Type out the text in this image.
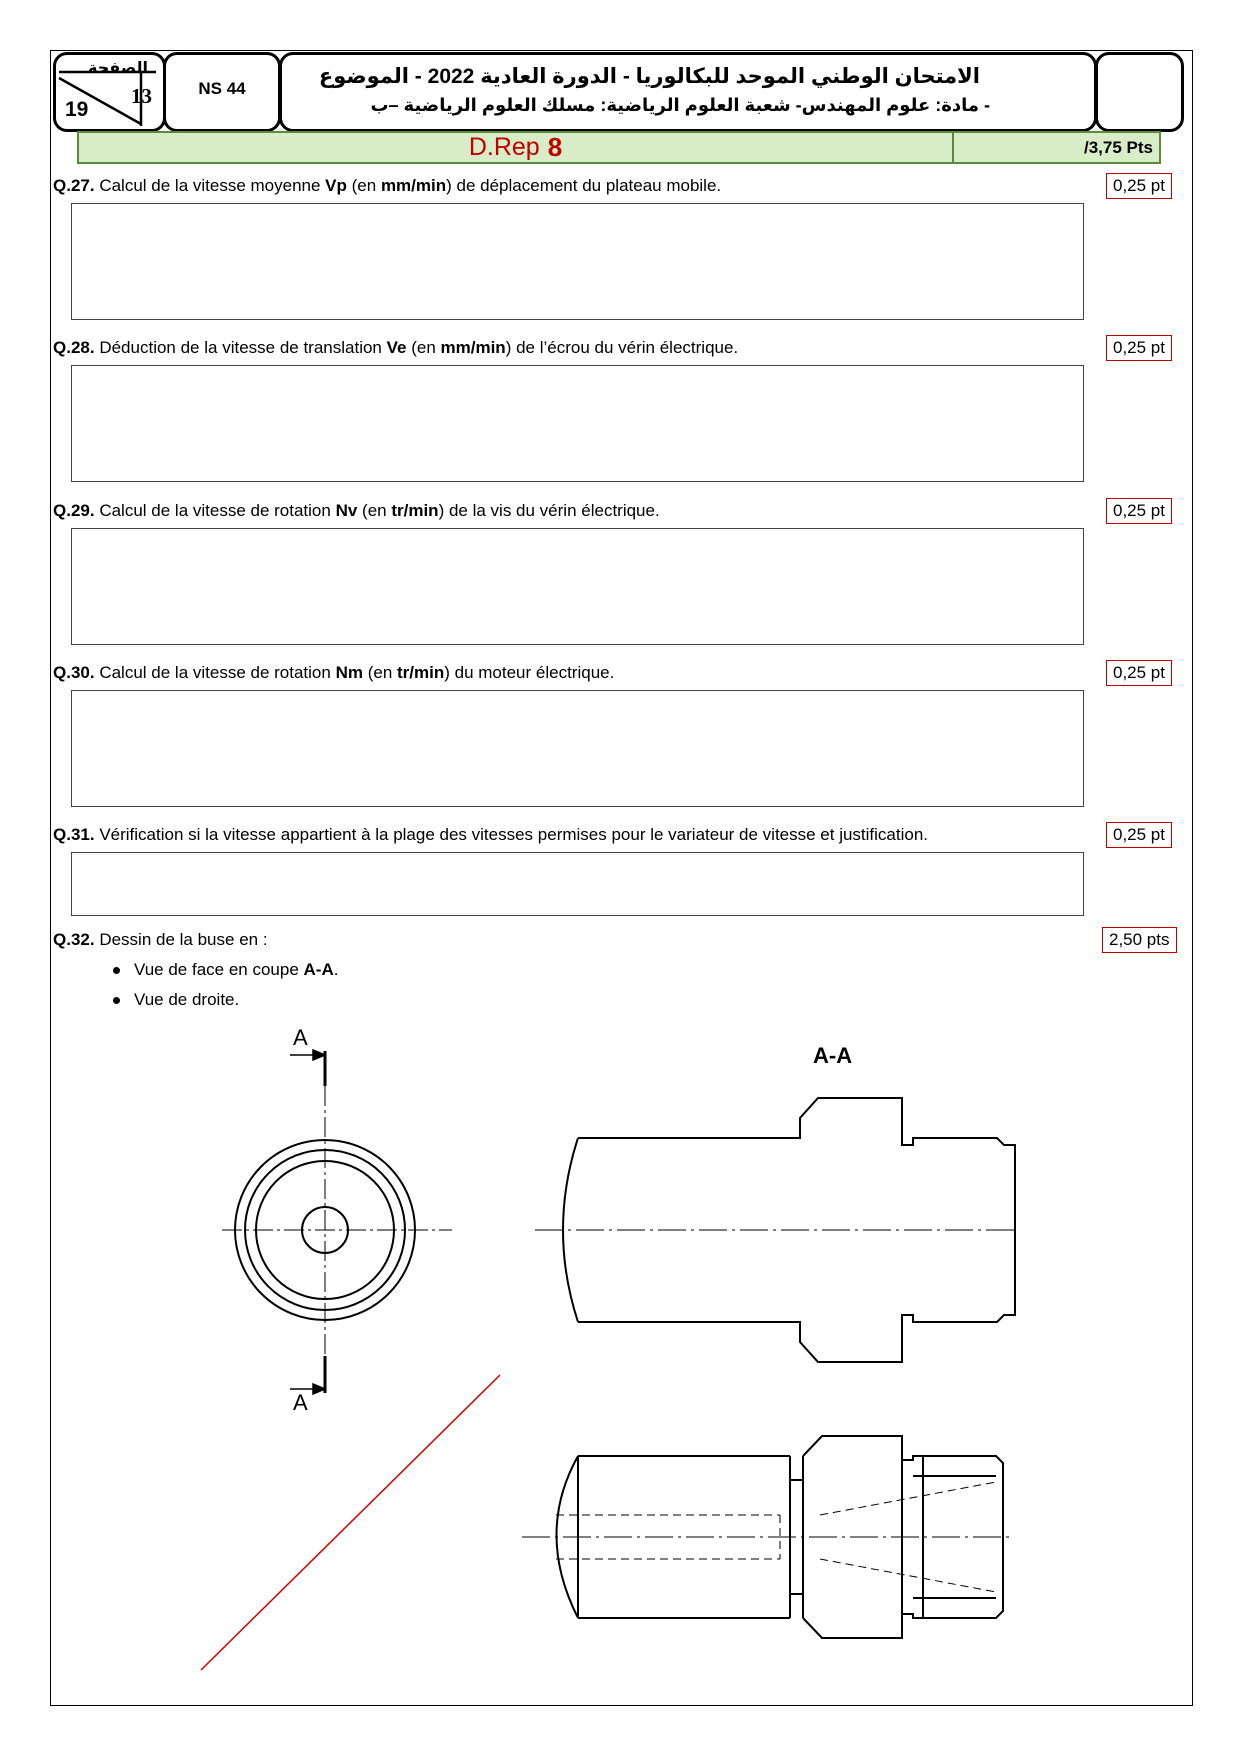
الصفحة
13
19
NS 44
الامتحان الوطني الموحد للبكالوريا - الدورة العادية 2022 - الموضوع
- مادة: علوم المهندس- شعبة العلوم الرياضية: مسلك العلوم الرياضية –ب
D.Rep 8	/3,75 Pts
Q.27. Calcul de la vitesse moyenne Vp (en mm/min) de déplacement du plateau mobile.	0,25 pt
Q.28. Déduction de la vitesse de translation Ve (en mm/min) de l’écrou du vérin électrique.	0,25 pt
Q.29. Calcul de la vitesse de rotation Nv (en tr/min) de la vis du vérin électrique.	0,25 pt
Q.30. Calcul de la vitesse de rotation Nm (en tr/min) du moteur électrique.	0,25 pt
Q.31. Vérification si la vitesse appartient à la plage des vitesses permises pour le variateur de vitesse et justification.	0,25 pt
Q.32. Dessin de la buse en :	2,50 pts
Vue de face en coupe A-A.
Vue de droite.
A
A
A-A
